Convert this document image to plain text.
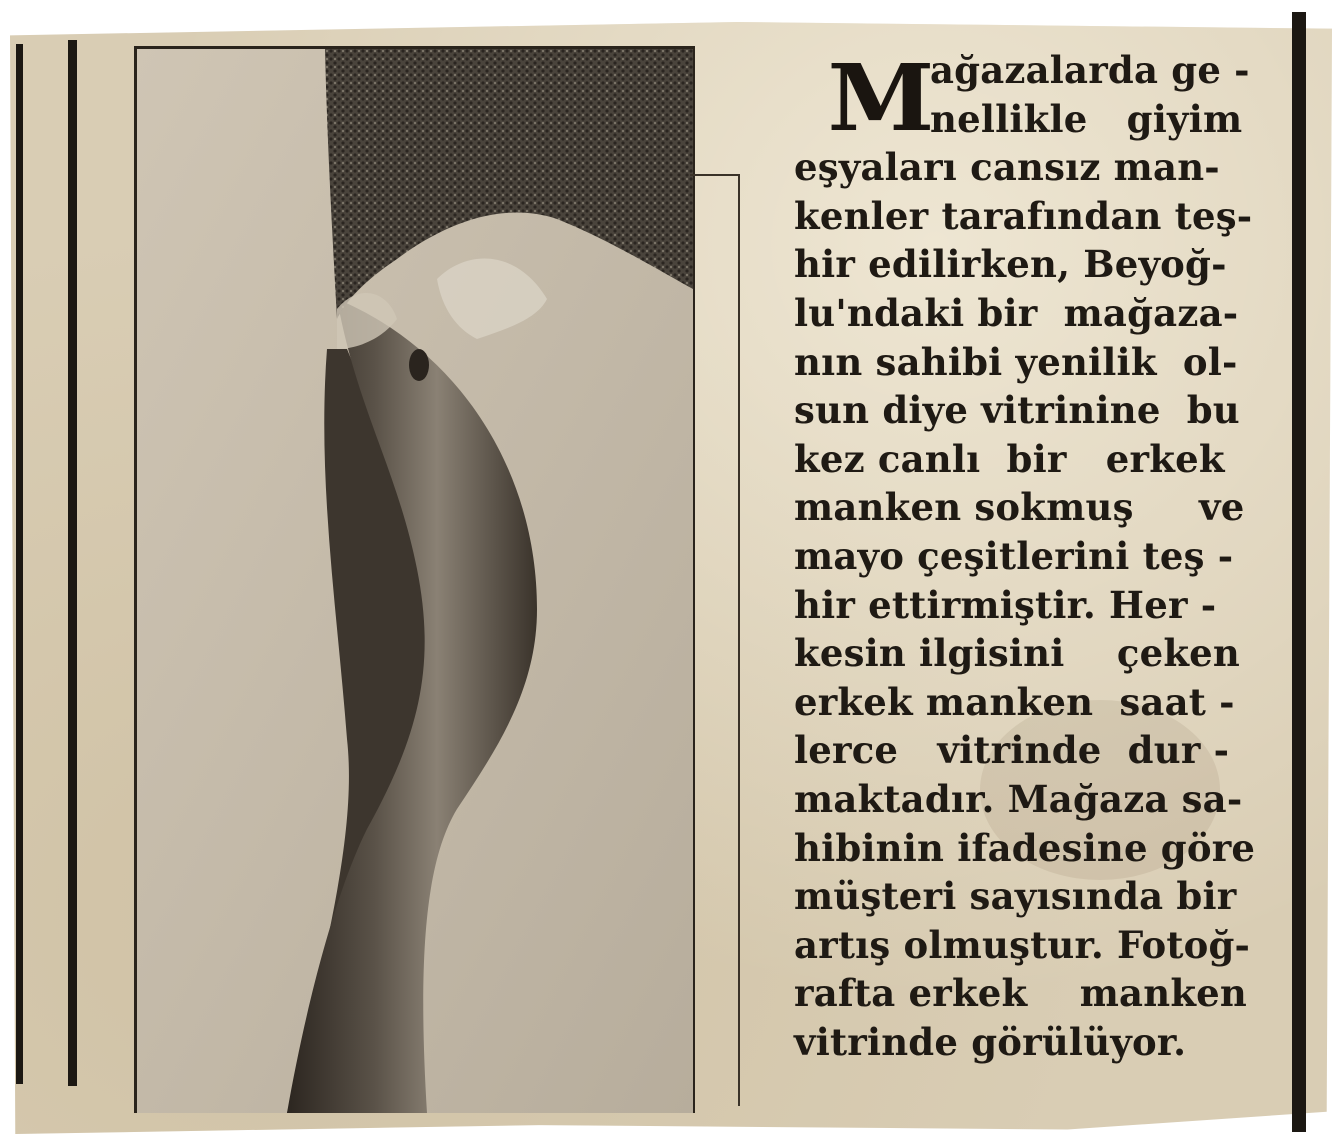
M
ağazalarda ge -
nellikle   giyim
eşyaları cansız man-
kenler tarafından teş-
hir edilirken, Beyoğ-
lu'ndaki bir  mağaza-
nın sahibi yenilik  ol-
sun diye vitrinine  bu
kez canlı  bir   erkek
manken sokmuş     ve
mayo çeşitlerini teş -
hir ettirmiştir. Her -
kesin ilgisini    çeken
erkek manken  saat -
lerce   vitrinde  dur -
maktadır. Mağaza sa-
hibinin ifadesine göre
müşteri sayısında bir
artış olmuştur. Fotoğ-
rafta erkek    manken
vitrinde görülüyor.
